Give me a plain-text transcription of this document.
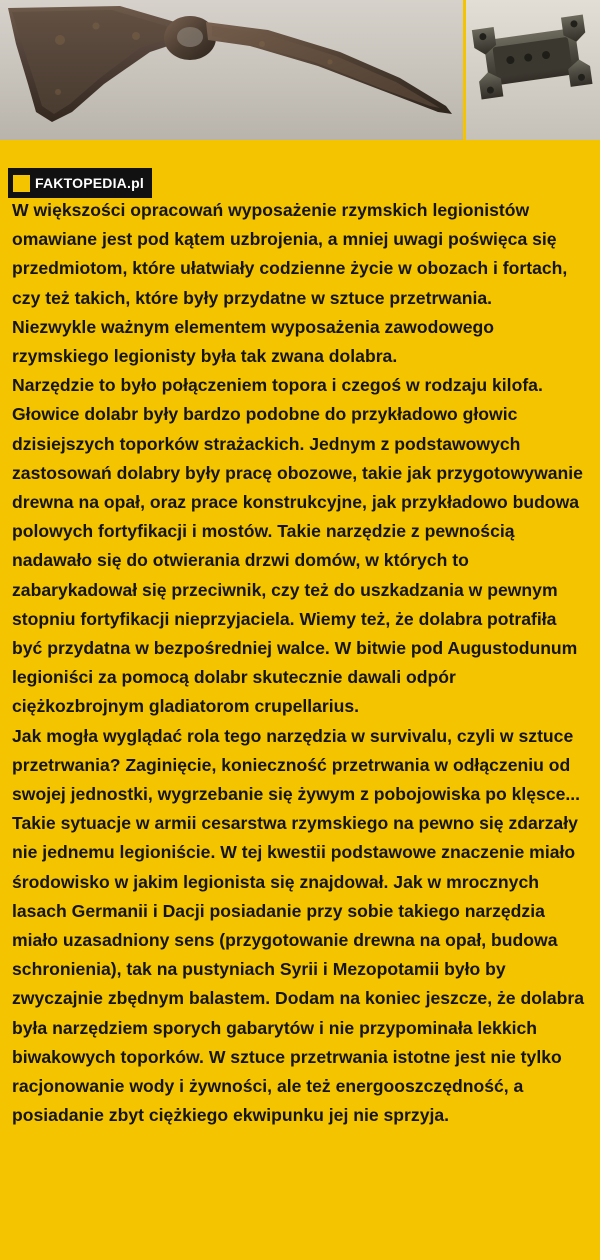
FAKTOPEDIA.pl

W większości opracowań wyposażenie rzymskich legionistów omawiane jest pod kątem uzbrojenia, a mniej uwagi poświęca się przedmiotom, które ułatwiały codzienne życie w obozach i fortach, czy też takich, które były przydatne w sztuce przetrwania.

Niezwykle ważnym elementem wyposażenia zawodowego rzymskiego legionisty była tak zwana dolabra.

Narzędzie to było połączeniem topora i czegoś w rodzaju kilofa. Głowice dolabr były bardzo podobne do przykładowo głowic dzisiejszych toporków strażackich. Jednym z podstawowych zastosowań dolabry były pracę obozowe, takie jak przygotowywanie drewna na opał, oraz prace konstrukcyjne, jak przykładowo budowa polowych fortyfikacji i mostów. Takie narzędzie z pewnością nadawało się do otwierania drzwi domów, w których to zabarykadował się przeciwnik, czy też do uszkadzania w pewnym stopniu fortyfikacji nieprzyjaciela. Wiemy też, że dolabra potrafiła być przydatna w bezpośredniej walce. W bitwie pod Augustodunum legioniści za pomocą dolabr skutecznie dawali odpór ciężkozbrojnym gladiatorom crupellarius.

Jak mogła wyglądać rola tego narzędzia w survivalu, czyli w sztuce przetrwania? Zaginięcie, konieczność przetrwania w odłączeniu od swojej jednostki, wygrzebanie się żywym z pobojowiska po klęsce... Takie sytuacje w armii cesarstwa rzymskiego na pewno się zdarzały nie jednemu legioniście. W tej kwestii podstawowe znaczenie miało środowisko w jakim legionista się znajdował. Jak w mrocznych lasach Germanii i Dacji posiadanie przy sobie takiego narzędzia miało uzasadniony sens (przygotowanie drewna na opał, budowa schronienia), tak na pustyniach Syrii i Mezopotamii było by zwyczajnie zbędnym balastem. Dodam na koniec jeszcze, że dolabra była narzędziem sporych gabarytów i nie przypominała lekkich biwakowych toporków. W sztuce przetrwania istotne jest nie tylko racjonowanie wody i żywności, ale też energooszczędność, a posiadanie zbyt ciężkiego ekwipunku jej nie sprzyja.
